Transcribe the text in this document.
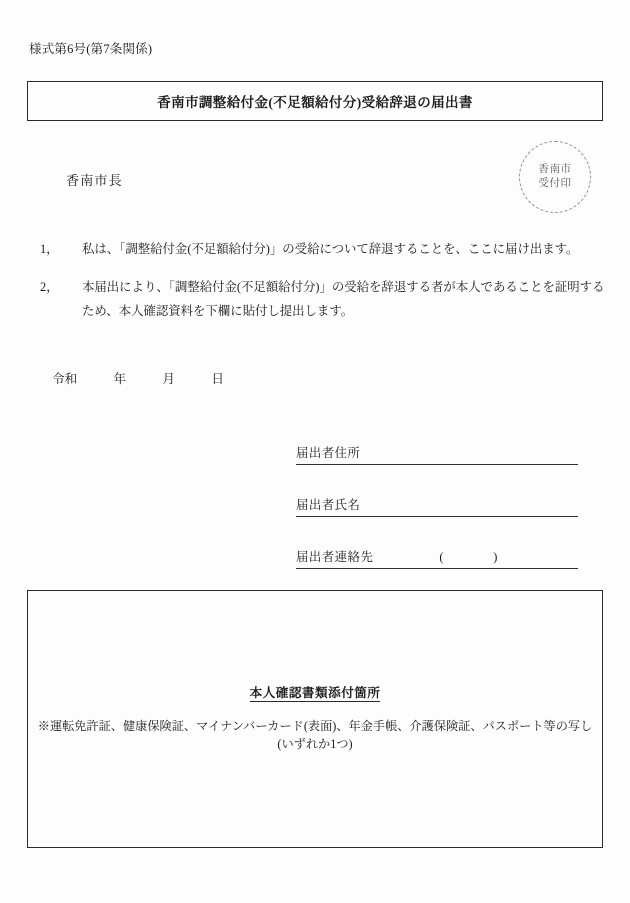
様式第6号(第7条関係)
香南市調整給付金(不足額給付分)受給辞退の届出書
香南市長
香南市
受付印
1，	私は、「調整給付金(不足額給付分)」の受給について辞退することを、ここに届け出ます。

2，	本届出により、「調整給付金(不足額給付分)」の受給を辞退する者が本人であることを証明する

ため、本人確認資料を下欄に貼付し提出します。

令和	年	月	日
届出者住所
届出者氏名
届出者連絡先	(	)
本人確認書類添付箇所
※運転免許証、健康保険証、マイナンバーカード(表面)、年金手帳、介護保険証、パスポート等の写し
(いずれか1つ)
